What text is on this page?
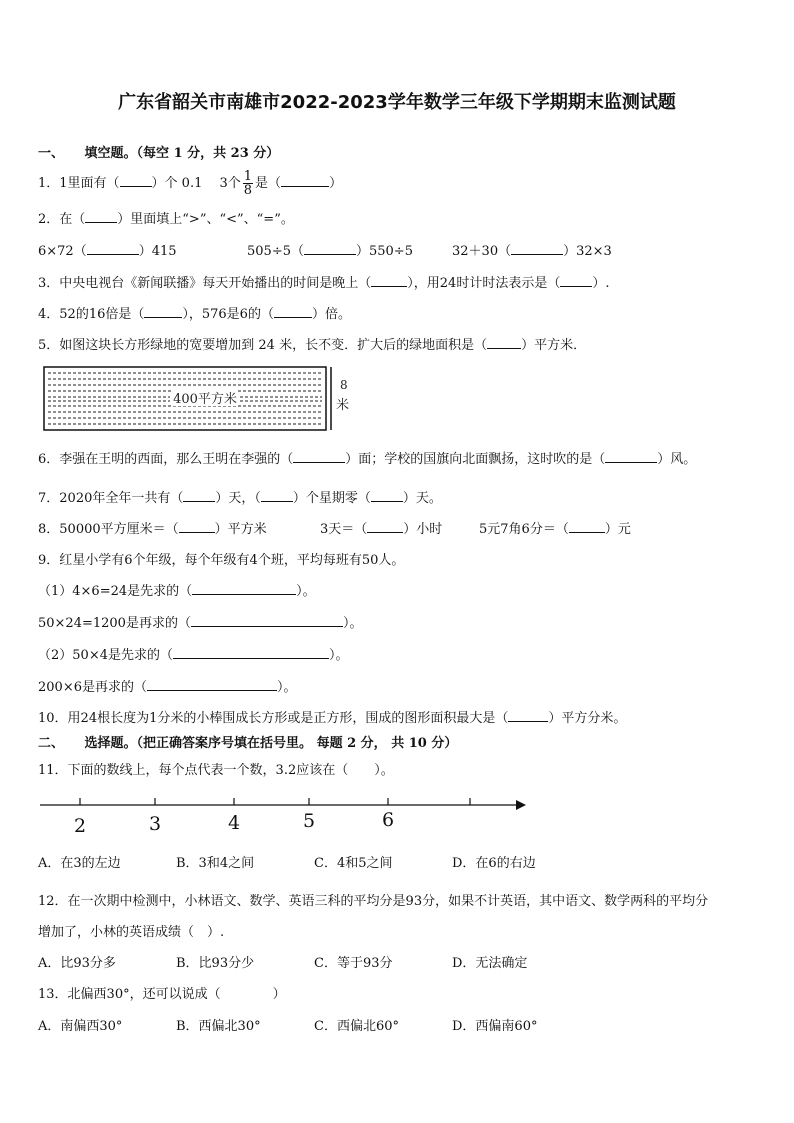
广东省韶关市南雄市2022-2023学年数学三年级下学期期末监测试题
一、 填空题。（每空 1 分，共 23 分）
1．1里面有（ ）个 0.1　 3个 $\frac{1}{8}$ 是（	）
2．在（ ）里面填上“>”、“<”、“=”。
6×72（	）415	505÷5（	）550÷5	32＋30（	）32×3
3．中央电视台《新闻联播》每天开始播出的时间是晚上（	），用24时计时法表示是（ ）.
4．52的16倍是（	），576是6的（	）倍。
5．如图这块长方形绿地的宽要增加到 24 米，长不变．扩大后的绿地面积是（	）平方米．
400平方米
8
米
6．李强在王明的西面，那么王明在李强的（	）面；学校的国旗向北面飘扬，这时吹的是（	）风。
7．2020年全年一共有（ ）天，（ ）个星期零（ ）天。
8．50000平方厘米＝（	）平方米	3天＝（	）小时	5元7角6分＝（	）元
9．红星小学有6个年级，每个年级有4个班，平均每班有50人。
（1）4×6=24是先求的（	）。
50×24=1200是再求的（	）。
（2）50×4是先求的（	）。
200×6是再求的（	）。
10．用24根长度为1分米的小棒围成长方形或是正方形，围成的图形面积最大是（	）平方分米。
二、 选择题。（把正确答案序号填在括号里。 每题 2 分， 共 10 分）
11．下面的数线上，每个点代表一个数，3.2应该在（　　）。
2	3	4	5	6
A．在3的左边	B．3和4之间	C．4和5之间	D．在6的右边
12．在一次期中检测中，小林语文、数学、英语三科的平均分是93分，如果不计英语，其中语文、数学两科的平均分
增加了，小林的英语成绩（　）.
A．比93分多	B．比93分少	C．等于93分	D．无法确定
13．北偏西30°，还可以说成（　　　　）
A．南偏西30°	B．西偏北30°	C．西偏北60°	D．西偏南60°
